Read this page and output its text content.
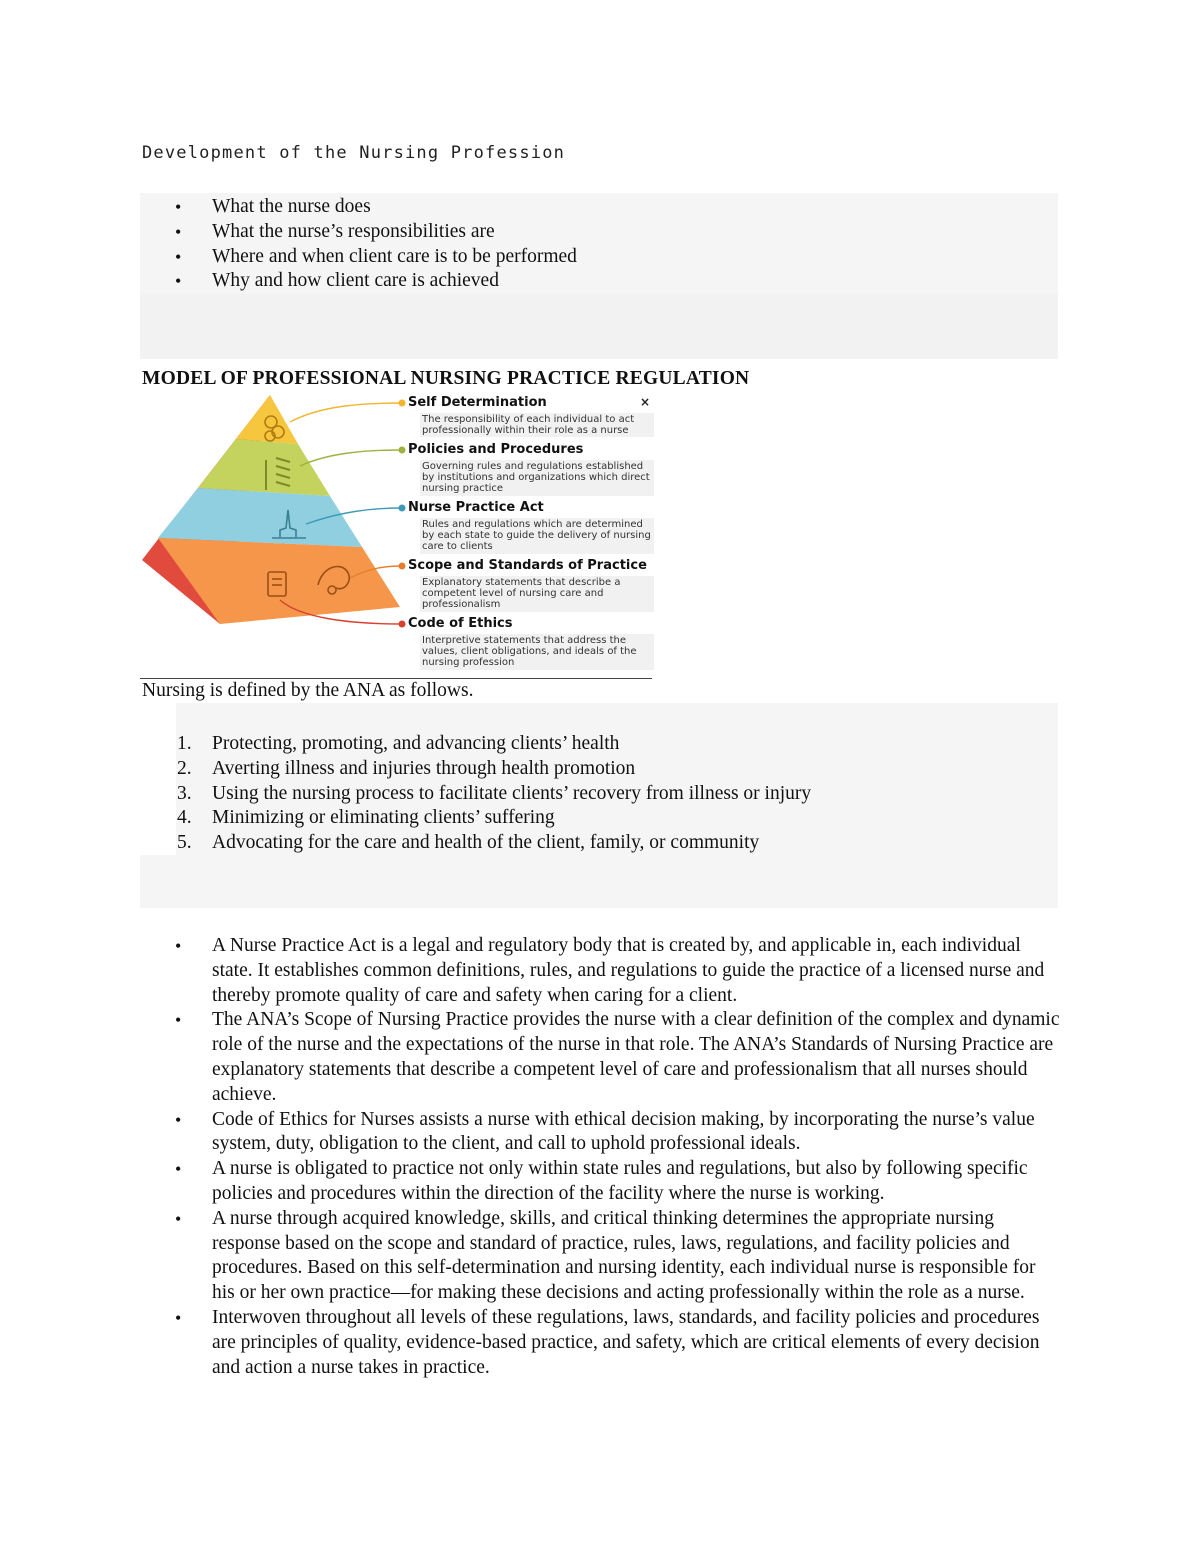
Development of the Nursing Profession
• What the nurse does
• What the nurse’s responsibilities are
• Where and when client care is to be performed
• Why and how client care is achieved
MODEL OF PROFESSIONAL NURSING PRACTICE REGULATION
×
Self Determination
The responsibility of each individual to act professionally within their role as a nurse
Policies and Procedures
Governing rules and regulations established by institutions and organizations which direct nursing practice
Nurse Practice Act
Rules and regulations which are determined by each state to guide the delivery of nursing care to clients
Scope and Standards of Practice
Explanatory statements that describe a competent level of nursing care and professionalism
Code of Ethics
Interpretive statements that address the values, client obligations, and ideals of the nursing profession
Nursing is defined by the ANA as follows.
1. Protecting, promoting, and advancing clients’ health
2. Averting illness and injuries through health promotion
3. Using the nursing process to facilitate clients’ recovery from illness or injury
4. Minimizing or eliminating clients’ suffering
5. Advocating for the care and health of the client, family, or community
• A Nurse Practice Act is a legal and regulatory body that is created by, and applicable in, each individual state. It establishes common definitions, rules, and regulations to guide the practice of a licensed nurse and thereby promote quality of care and safety when caring for a client.
• The ANA’s Scope of Nursing Practice provides the nurse with a clear definition of the complex and dynamic role of the nurse and the expectations of the nurse in that role. The ANA’s Standards of Nursing Practice are explanatory statements that describe a competent level of care and professionalism that all nurses should achieve.
• Code of Ethics for Nurses assists a nurse with ethical decision making, by incorporating the nurse’s value system, duty, obligation to the client, and call to uphold professional ideals.
• A nurse is obligated to practice not only within state rules and regulations, but also by following specific policies and procedures within the direction of the facility where the nurse is working.
• A nurse through acquired knowledge, skills, and critical thinking determines the appropriate nursing response based on the scope and standard of practice, rules, laws, regulations, and facility policies and procedures. Based on this self-determination and nursing identity, each individual nurse is responsible for his or her own practice—for making these decisions and acting professionally within the role as a nurse.
• Interwoven throughout all levels of these regulations, laws, standards, and facility policies and procedures are principles of quality, evidence-based practice, and safety, which are critical elements of every decision and action a nurse takes in practice.
